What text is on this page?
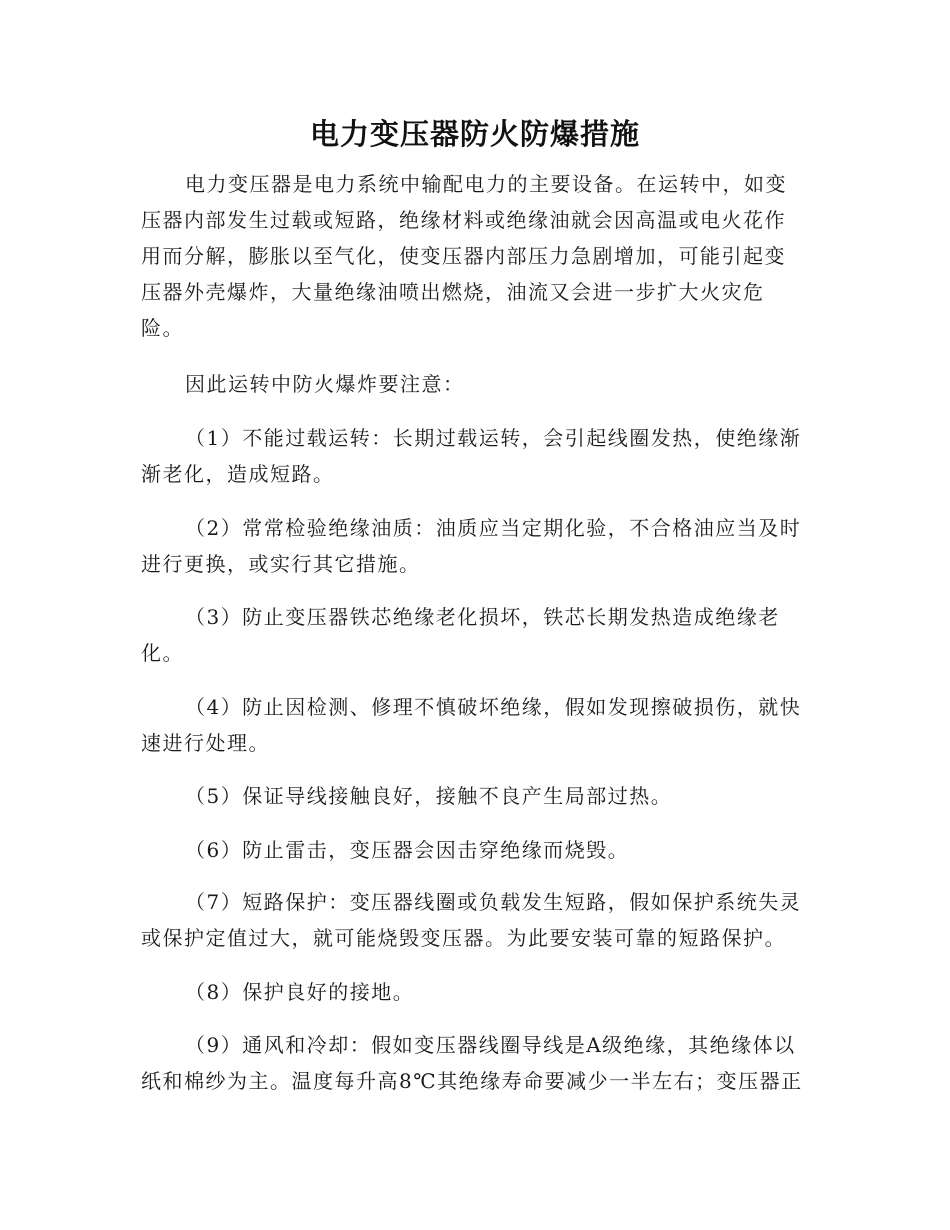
电力变压器防火防爆措施
电力变压器是电力系统中输配电力的主要设备。在运转中，如变
压器内部发生过载或短路，绝缘材料或绝缘油就会因高温或电火花作
用而分解，膨胀以至气化，使变压器内部压力急剧增加，可能引起变
压器外壳爆炸，大量绝缘油喷出燃烧，油流又会进一步扩大火灾危
险。
因此运转中防火爆炸要注意：
（1）不能过载运转：长期过载运转，会引起线圈发热，使绝缘渐
渐老化，造成短路。
（2）常常检验绝缘油质：油质应当定期化验，不合格油应当及时
进行更换，或实行其它措施。
（3）防止变压器铁芯绝缘老化损坏，铁芯长期发热造成绝缘老
化。
（4）防止因检测、修理不慎破坏绝缘，假如发现擦破损伤，就快
速进行处理。
（5）保证导线接触良好，接触不良产生局部过热。
（6）防止雷击，变压器会因击穿绝缘而烧毁。
（7）短路保护：变压器线圈或负载发生短路，假如保护系统失灵
或保护定值过大，就可能烧毁变压器。为此要安装可靠的短路保护。
（8）保护良好的接地。
（9）通风和冷却：假如变压器线圈导线是A级绝缘，其绝缘体以
纸和棉纱为主。温度每升高8℃其绝缘寿命要减少一半左右；变压器正
